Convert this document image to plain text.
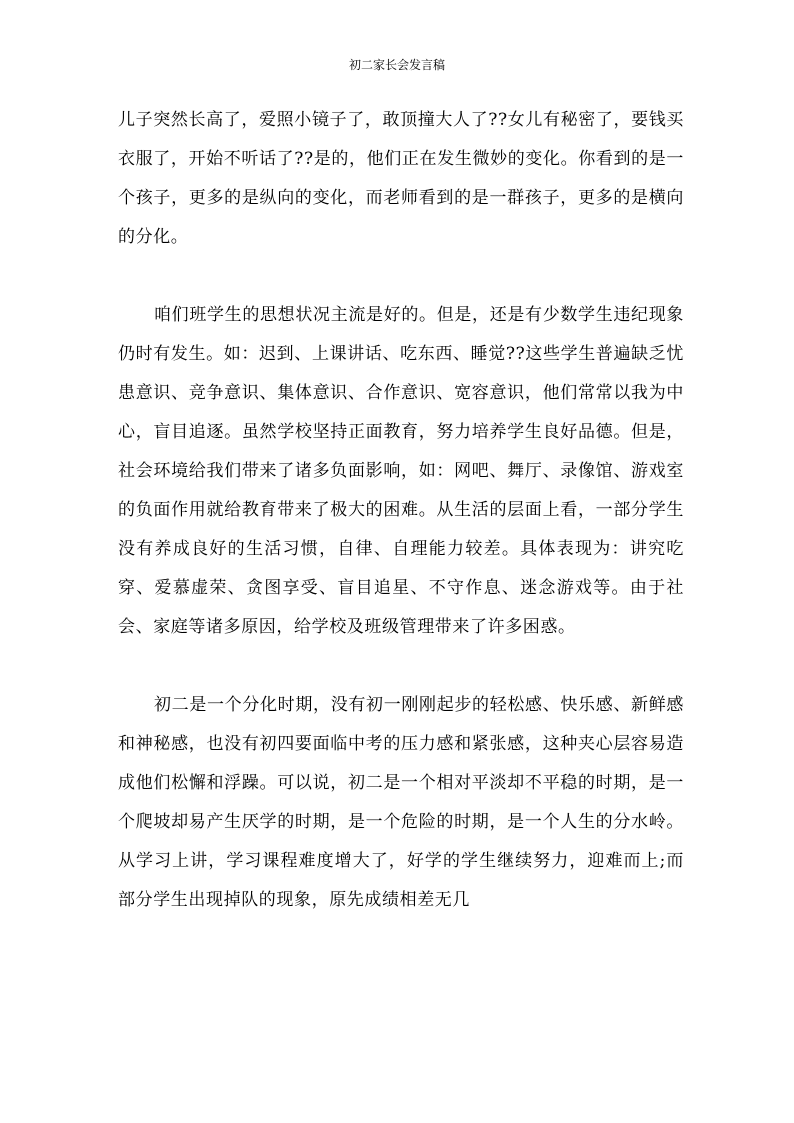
初二家长会发言稿

儿子突然长高了，爱照小镜子了，敢顶撞大人了??女儿有秘密了，要钱买衣服了，开始不听话了??是的，他们正在发生微妙的变化。你看到的是一个孩子，更多的是纵向的变化，而老师看到的是一群孩子，更多的是横向的分化。

咱们班学生的思想状况主流是好的。但是，还是有少数学生违纪现象仍时有发生。如：迟到、上课讲话、吃东西、睡觉??这些学生普遍缺乏忧患意识、竞争意识、集体意识、合作意识、宽容意识，他们常常以我为中心，盲目追逐。虽然学校坚持正面教育，努力培养学生良好品德。但是，社会环境给我们带来了诸多负面影响，如：网吧、舞厅、录像馆、游戏室的负面作用就给教育带来了极大的困难。从生活的层面上看，一部分学生没有养成良好的生活习惯，自律、自理能力较差。具体表现为：讲究吃穿、爱慕虚荣、贪图享受、盲目追星、不守作息、迷念游戏等。由于社会、家庭等诸多原因，给学校及班级管理带来了许多困惑。

初二是一个分化时期，没有初一刚刚起步的轻松感、快乐感、新鲜感和神秘感，也没有初四要面临中考的压力感和紧张感，这种夹心层容易造成他们松懈和浮躁。可以说，初二是一个相对平淡却不平稳的时期，是一个爬坡却易产生厌学的时期，是一个危险的时期，是一个人生的分水岭。从学习上讲，学习课程难度增大了，好学的学生继续努力，迎难而上;而部分学生出现掉队的现象，原先成绩相差无几
